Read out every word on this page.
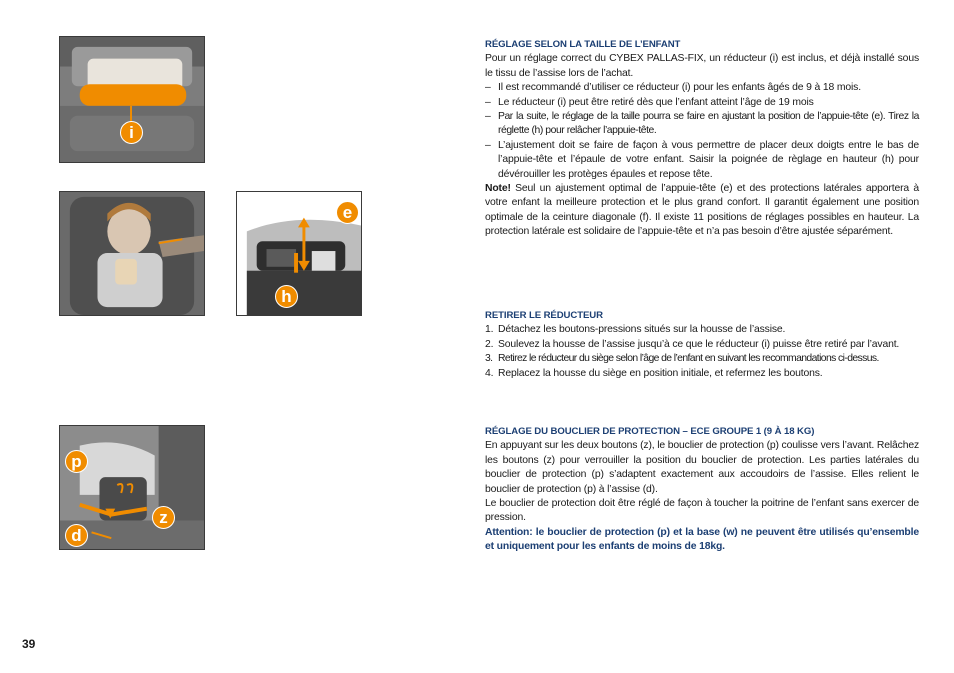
i
e
h
p
z
d
RÉGLAGE SELON LA TAILLE DE L’ENFANT
Pour un réglage correct du CYBEX PALLAS-FIX, un réducteur (i) est inclus, et déjà installé sous le tissu de l’assise lors de l’achat.
– Il est recommandé d’utiliser ce réducteur (i) pour les enfants âgés de 9 à 18 mois.
– Le réducteur (i) peut être retiré dès que l’enfant atteint l’âge de 19 mois
– Par la suite, le réglage de la taille pourra se faire en ajustant la position de l’appuie-tête (e). Tirez la réglette (h) pour relâcher l’appuie-tête.
– L’ajustement doit se faire de façon à vous permettre de placer deux doigts entre le bas de l’appuie-tête et l’épaule de votre enfant. Saisir la poignée de règlage en hauteur (h) pour dévérouiller les protèges épaules et repose tête.
Note! Seul un ajustement optimal de l’appuie-tête (e) et des protections latérales apportera à votre enfant la meilleure protection et le plus grand confort. Il garantit également une position optimale de la ceinture diagonale (f). Il existe 11 positions de réglages possibles en hauteur. La protection latérale est solidaire de l’appuie-tête et n’a pas besoin d’être ajustée séparément.
RETIRER LE RÉDUCTEUR
1. Détachez les boutons-pressions situés sur la housse de l’assise.
2. Soulevez la housse de l’assise jusqu’à ce que le réducteur (i) puisse être retiré par l’avant.
3. Retirez le réducteur du siège selon l’âge de l’enfant en suivant les recommandations ci-dessus.
4. Replacez la housse du siège en position initiale, et refermez les boutons.
RÉGLAGE DU BOUCLIER DE PROTECTION – ECE GROUPE 1 (9 À 18 KG)
En appuyant sur les deux boutons (z), le bouclier de protection (p) coulisse vers l’avant. Relâchez les boutons (z) pour verrouiller la position du bouclier de protection. Les parties latérales du bouclier de protection (p) s’adaptent exactement aux accoudoirs de l’assise. Elles relient le bouclier de protection (p) à l’assise (d).
Le bouclier de protection doit être réglé de façon à toucher la poitrine de l’enfant sans exercer de pression.
Attention: le bouclier de protection (p) et la base (w) ne peuvent être utilisés qu’ensemble et uniquement pour les enfants de moins de 18kg.
39
